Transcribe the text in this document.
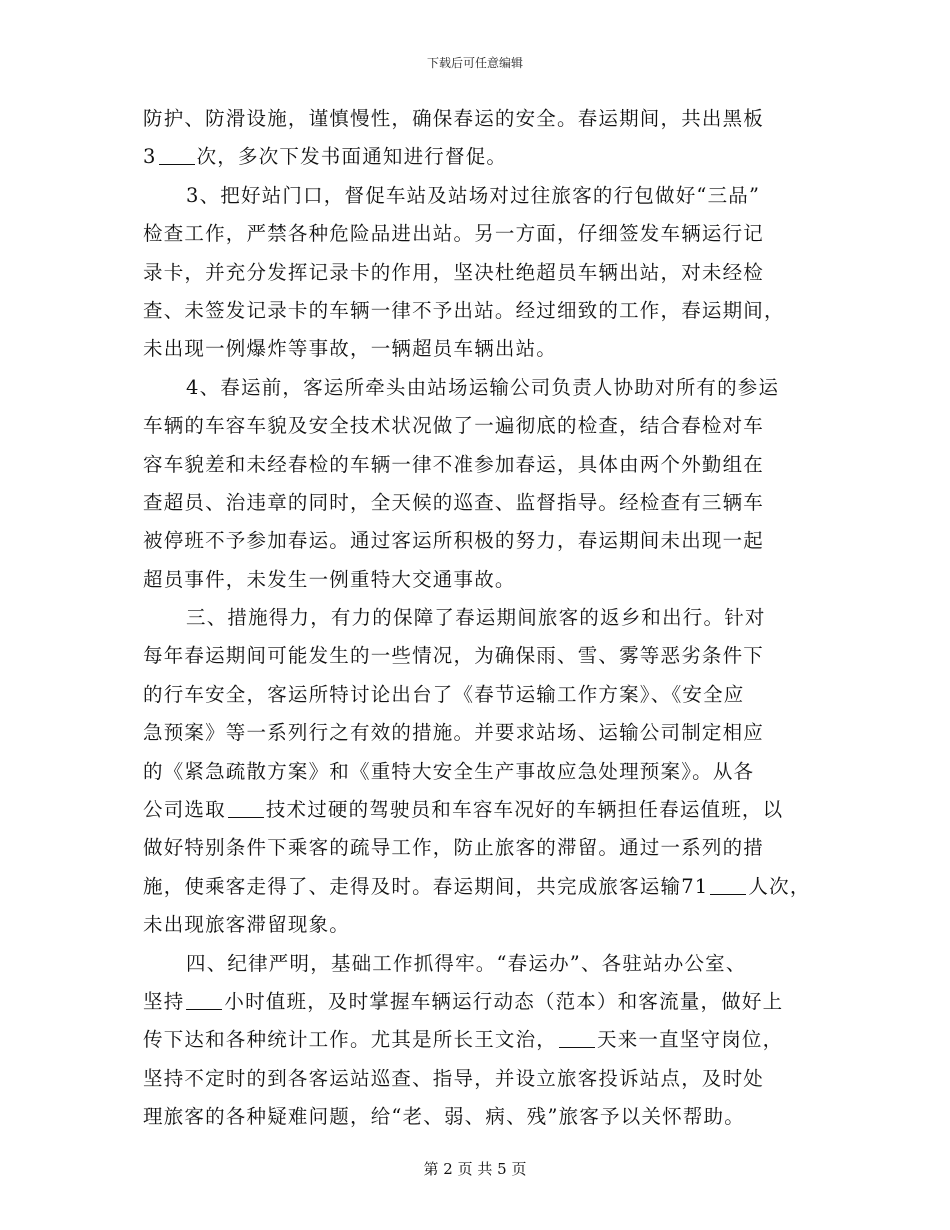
下载后可任意编辑
防护、防滑设施，谨慎慢性，确保春运的安全。春运期间，共出黑板
3 次，多次下发书面通知进行督促。
3、把好站门口，督促车站及站场对过往旅客的行包做好“三品”
检查工作，严禁各种危险品进出站。另一方面，仔细签发车辆运行记
录卡，并充分发挥记录卡的作用，坚决杜绝超员车辆出站，对未经检
查、未签发记录卡的车辆一律不予出站。经过细致的工作，春运期间，
未出现一例爆炸等事故，一辆超员车辆出站。
4、春运前，客运所牵头由站场运输公司负责人协助对所有的参运
车辆的车容车貌及安全技术状况做了一遍彻底的检查，结合春检对车
容车貌差和未经春检的车辆一律不准参加春运，具体由两个外勤组在
查超员、治违章的同时，全天候的巡查、监督指导。经检查有三辆车
被停班不予参加春运。通过客运所积极的努力，春运期间未出现一起
超员事件，未发生一例重特大交通事故。
三、措施得力，有力的保障了春运期间旅客的返乡和出行。针对
每年春运期间可能发生的一些情况，为确保雨、雪、雾等恶劣条件下
的行车安全，客运所特讨论出台了《春节运输工作方案》、《安全应
急预案》等一系列行之有效的措施。并要求站场、运输公司制定相应
的《紧急疏散方案》和《重特大安全生产事故应急处理预案》。从各
公司选取 技术过硬的驾驶员和车容车况好的车辆担任春运值班，以
做好特别条件下乘客的疏导工作，防止旅客的滞留。通过一系列的措
施，使乘客走得了、走得及时。春运期间，共完成旅客运输71 人次，
未出现旅客滞留现象。
四、纪律严明，基础工作抓得牢。“春运办”、各驻站办公室、
坚持 小时值班，及时掌握车辆运行动态（范本）和客流量，做好上
传下达和各种统计工作。尤其是所长王文治， 天来一直坚守岗位，
坚持不定时的到各客运站巡查、指导，并设立旅客投诉站点，及时处
理旅客的各种疑难问题，给“老、弱、病、残”旅客予以关怀帮助。
第 2 页 共 5 页
